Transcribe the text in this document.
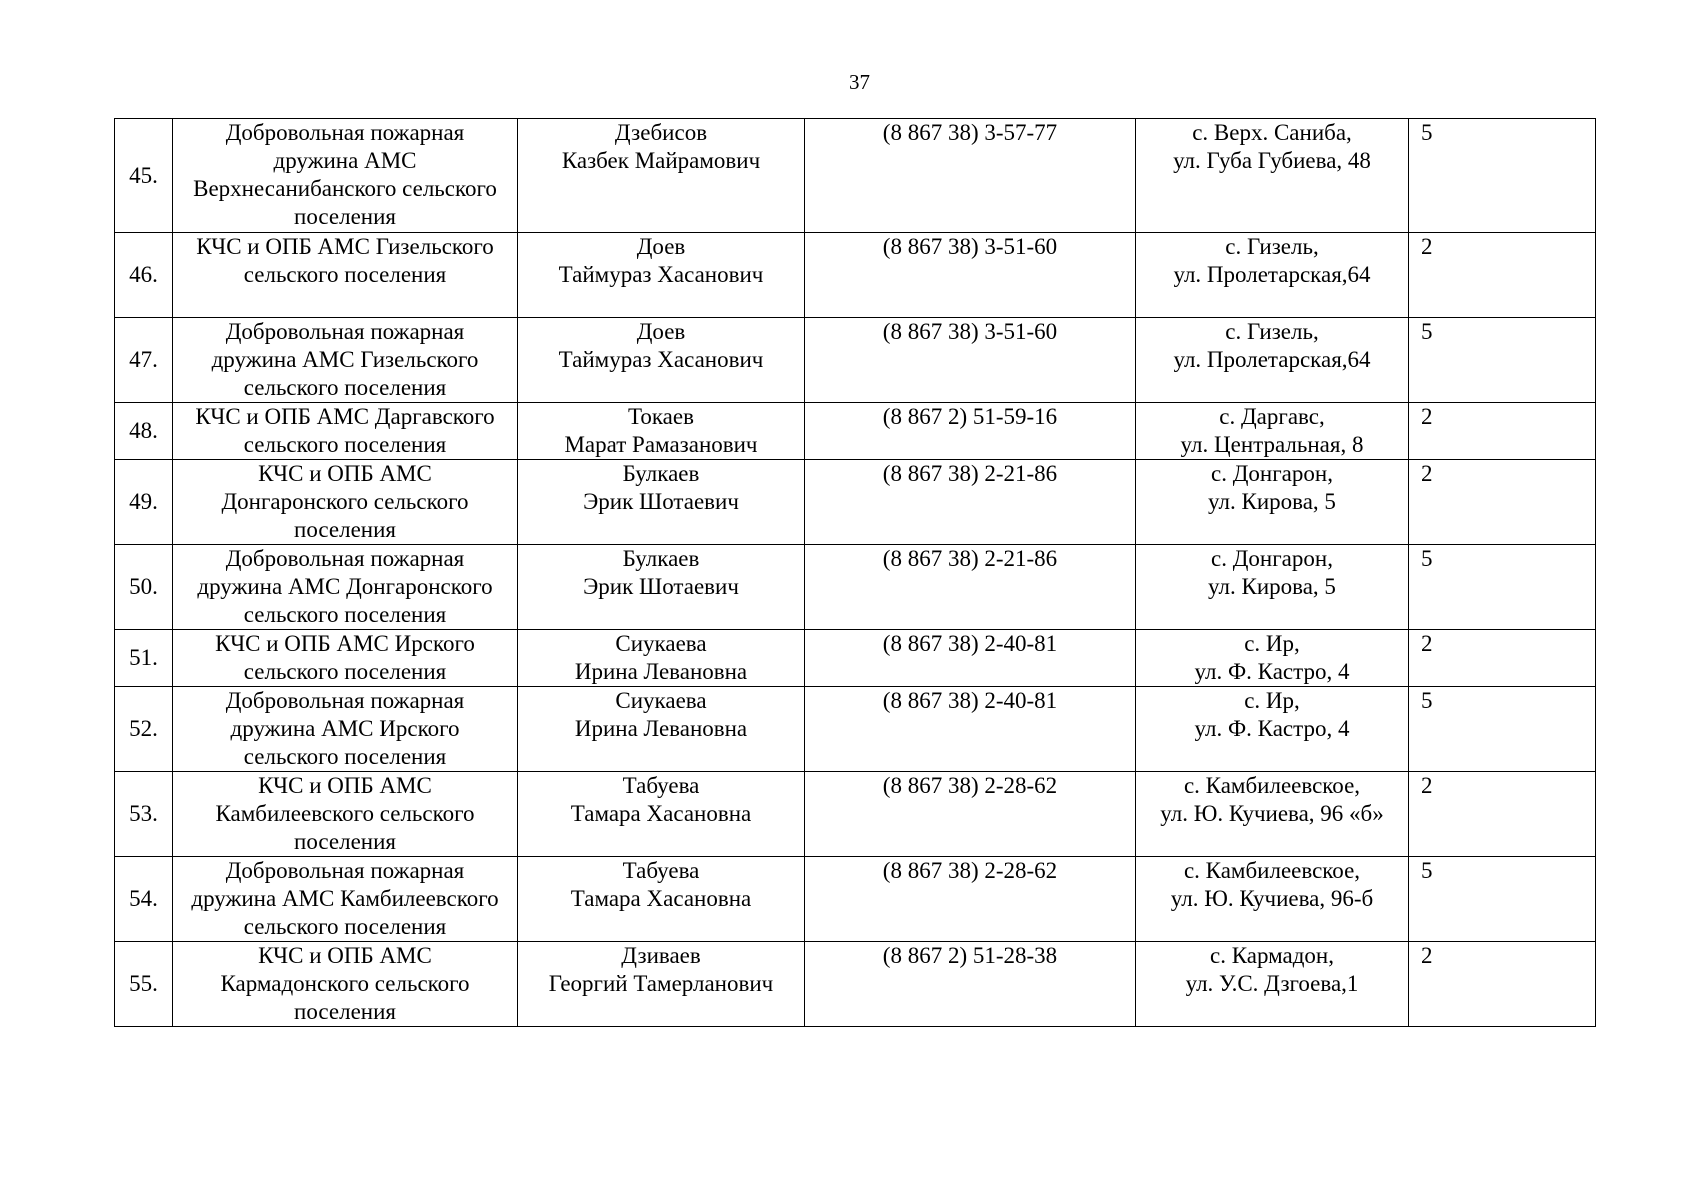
37
45.	Добровольная пожарная
дружина АМС
Верхнесанибанского сельского
поселения	Дзебисов
Казбек Майрамович	(8 867 38) 3-57-77	с. Верх. Саниба,
ул. Губа Губиева, 48	5
46.	КЧС и ОПБ АМС Гизельского
сельского поселения	Доев
Таймураз Хасанович	(8 867 38) 3-51-60	с. Гизель,
ул. Пролетарская,64	2
47.	Добровольная пожарная
дружина АМС Гизельского
сельского поселения	Доев
Таймураз Хасанович	(8 867 38) 3-51-60	с. Гизель,
ул. Пролетарская,64	5
48.	КЧС и ОПБ АМС Даргавского
сельского поселения	Токаев
Марат Рамазанович	(8 867 2) 51-59-16	с. Даргавс,
ул. Центральная, 8	2
49.	КЧС и ОПБ АМС
Донгаронского сельского
поселения	Булкаев
Эрик Шотаевич	(8 867 38) 2-21-86	с. Донгарон,
ул. Кирова, 5	2
50.	Добровольная пожарная
дружина АМС Донгаронского
сельского поселения	Булкаев
Эрик Шотаевич	(8 867 38) 2-21-86	с. Донгарон,
ул. Кирова, 5	5
51.	КЧС и ОПБ АМС Ирского
сельского поселения	Сиукаева
Ирина Левановна	(8 867 38) 2-40-81	с. Ир,
ул. Ф. Кастро, 4	2
52.	Добровольная пожарная
дружина АМС Ирского
сельского поселения	Сиукаева
Ирина Левановна	(8 867 38) 2-40-81	с. Ир,
ул. Ф. Кастро, 4	5
53.	КЧС и ОПБ АМС
Камбилеевского сельского
поселения	Табуева
Тамара Хасановна	(8 867 38) 2-28-62	с. Камбилеевское,
ул. Ю. Кучиева, 96 «б»	2
54.	Добровольная пожарная
дружина АМС Камбилеевского
сельского поселения	Табуева
Тамара Хасановна	(8 867 38) 2-28-62	с. Камбилеевское,
ул. Ю. Кучиева, 96-б	5
55.	КЧС и ОПБ АМС
Кармадонского сельского
поселения	Дзиваев
Георгий Тамерланович	(8 867 2) 51-28-38	с. Кармадон,
ул. У.С. Дзгоева,1	2
